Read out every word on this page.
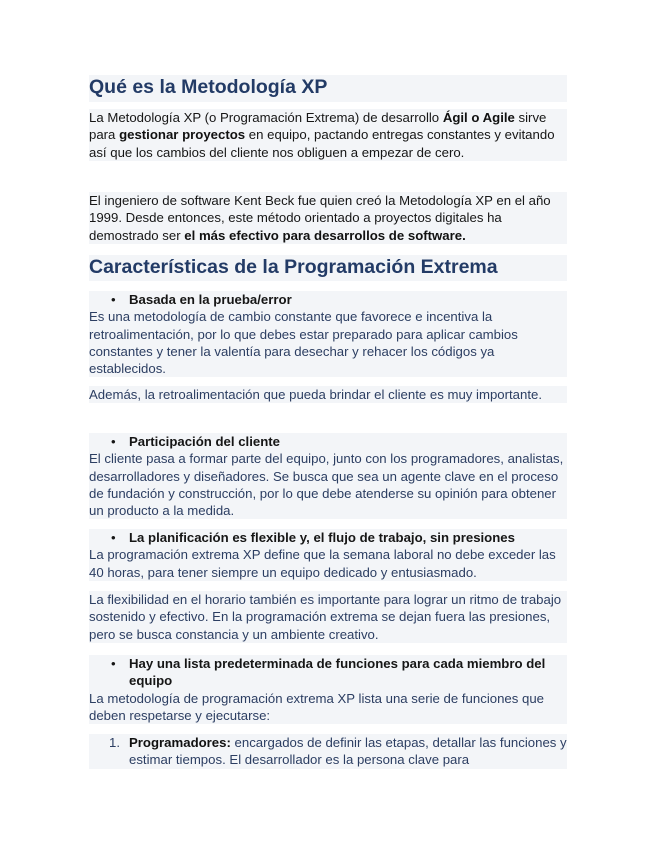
Qué es la Metodología XP

La Metodología XP (o Programación Extrema) de desarrollo Ágil o Agile sirve para gestionar proyectos en equipo, pactando entregas constantes y evitando así que los cambios del cliente nos obliguen a empezar de cero.

El ingeniero de software Kent Beck fue quien creó la Metodología XP en el año 1999. Desde entonces, este método orientado a proyectos digitales ha demostrado ser el más efectivo para desarrollos de software.

Características de la Programación Extrema
• Basada en la prueba/error

Es una metodología de cambio constante que favorece e incentiva la retroalimentación, por lo que debes estar preparado para aplicar cambios constantes y tener la valentía para desechar y rehacer los códigos ya establecidos.

Además, la retroalimentación que pueda brindar el cliente es muy importante.

• Participación del cliente

El cliente pasa a formar parte del equipo, junto con los programadores, analistas, desarrolladores y diseñadores. Se busca que sea un agente clave en el proceso de fundación y construcción, por lo que debe atenderse su opinión para obtener un producto a la medida.

• La planificación es flexible y, el flujo de trabajo, sin presiones

La programación extrema XP define que la semana laboral no debe exceder las 40 horas, para tener siempre un equipo dedicado y entusiasmado.

La flexibilidad en el horario también es importante para lograr un ritmo de trabajo sostenido y efectivo. En la programación extrema se dejan fuera las presiones, pero se busca constancia y un ambiente creativo.

• Hay una lista predeterminada de funciones para cada miembro del equipo

La metodología de programación extrema XP lista una serie de funciones que deben respetarse y ejecutarse:

1. Programadores: encargados de definir las etapas, detallar las funciones y estimar tiempos. El desarrollador es la persona clave para
